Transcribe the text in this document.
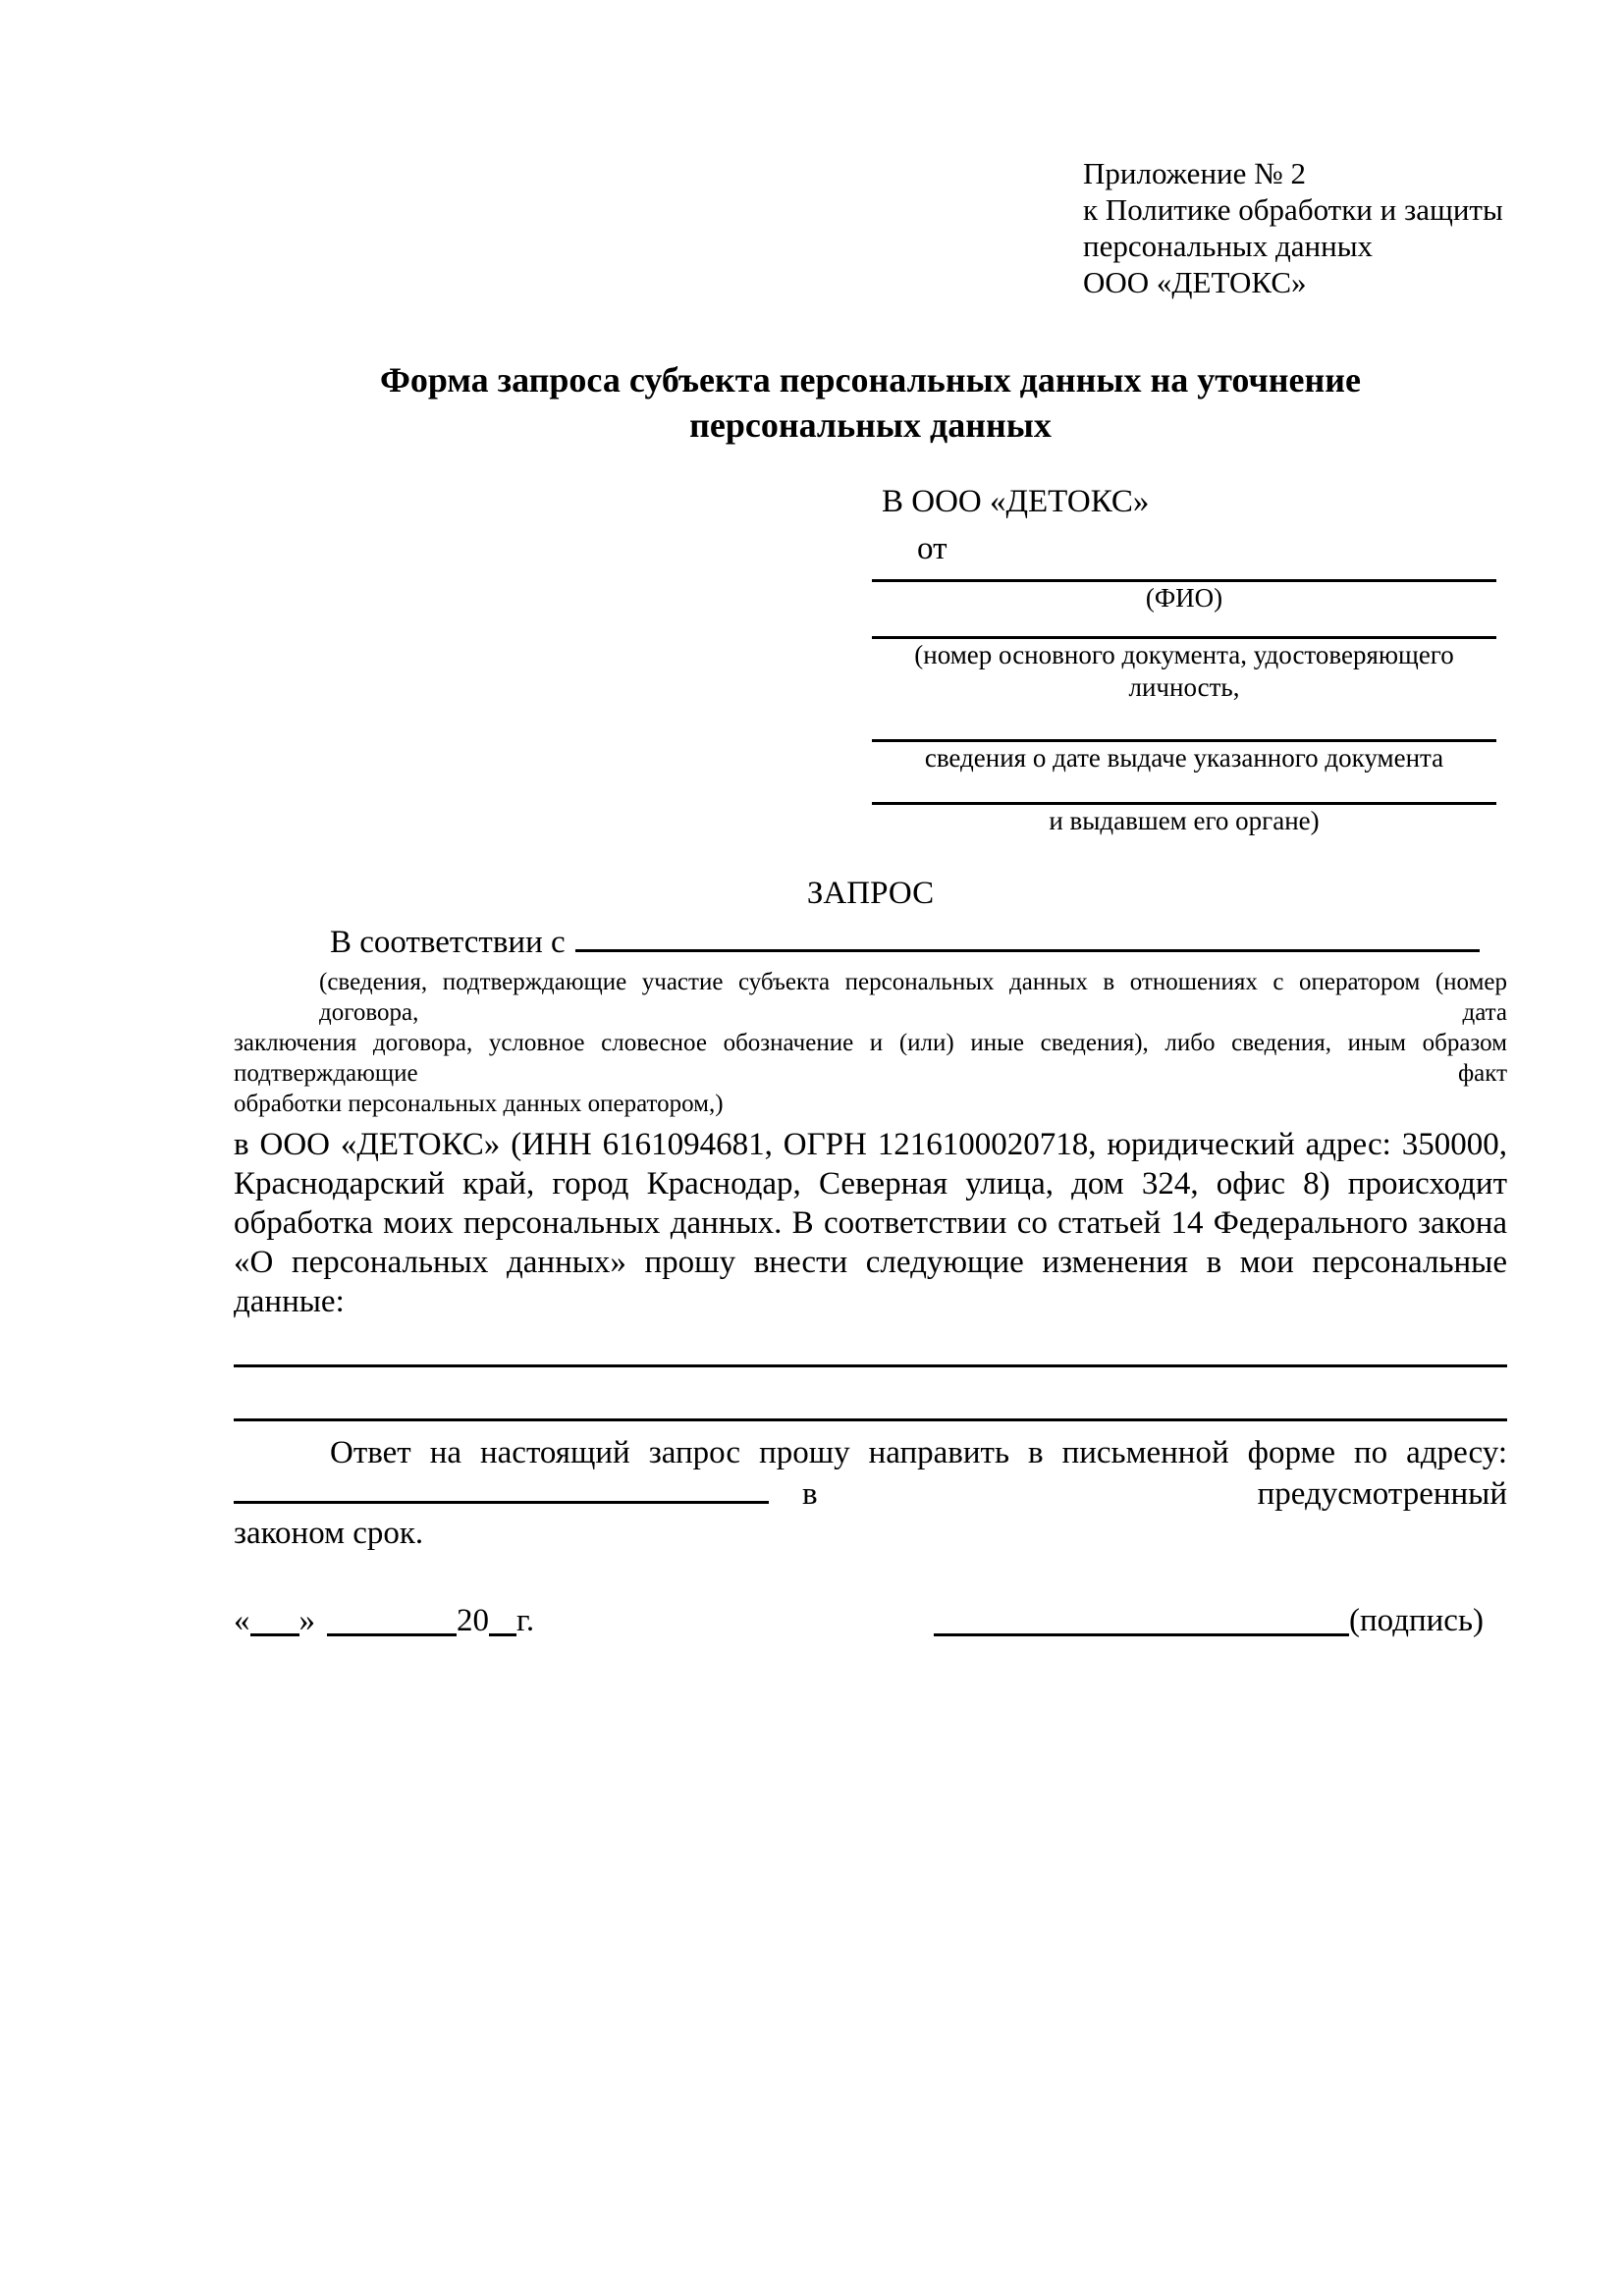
Приложение № 2
к Политике обработки и защиты
персональных данных
ООО «ДЕТОКС»
Форма запроса субъекта персональных данных на уточнение
персональных данных
В ООО «ДЕТОКС»
от
(ФИО)
(номер основного документа, удостоверяющего личность,
сведения о дате выдаче указанного документа
и выдавшем его органе)
ЗАПРОС
В соответствии с
(сведения, подтверждающие участие субъекта персональных данных в отношениях с оператором (номер договора, дата
заключения договора, условное словесное обозначение и (или) иные сведения), либо сведения, иным образом подтверждающие факт
обработки персональных данных оператором,)
в ООО «ДЕТОКС» (ИНН 6161094681, ОГРН 1216100020718, юридический адрес: 350000,
Краснодарский край, город Краснодар, Северная улица, дом 324, офис 8) происходит
обработка моих персональных данных. В соответствии со статьей 14 Федерального закона
«О персональных данных» прошу внести следующие изменения в мои персональные
данные:
Ответ на настоящий запрос прошу направить в письменной форме по адресу:
в	предусмотренный
законом срок.
« »	20 г.	(подпись)
